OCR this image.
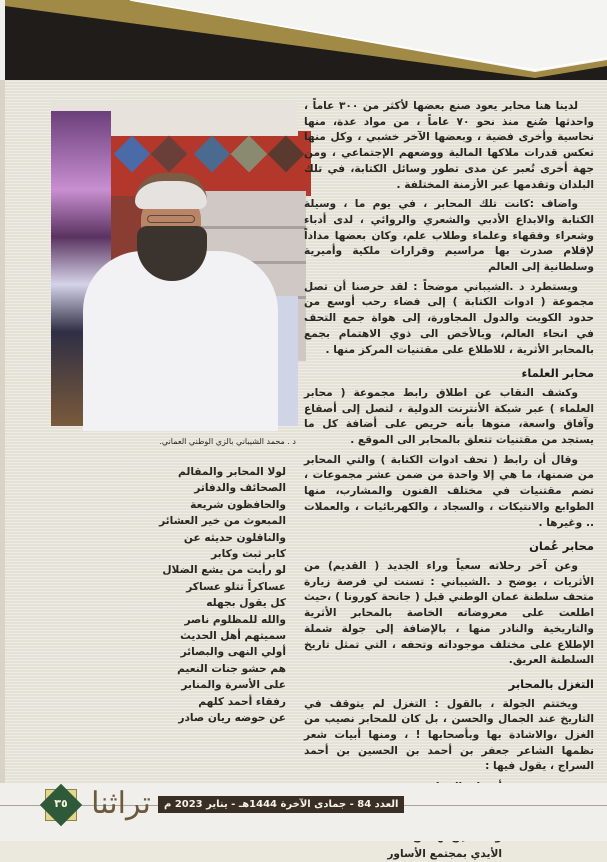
د . محمد الشيباني بالزي الوطني العماني.

لدينا هنا محابر يعود صنع بعضها لأكثر من ٣٠٠ عاماً ، واحدثها صُنع منذ نحو ٧٠ عاماً ، من مواد عدة، منها نحاسية وأخرى فضية ، وبعضها الآخر خشبي ، وكل منها تعكس قدرات ملاكها المالية ووضعهم الإجتماعي ، ومن جهة أخرى تُعبر عن مدى تطور وسائل الكتابة، في تلك البلدان وتقدمها عبر الأزمنة المختلفة .

واضاف :كانت تلك المحابر ، في يوم ما ، وسيلة الكتابة والابداع الأدبي والشعري والروائي ، لدى أدباء وشعراء وفقهاء وعلماء وطلاب علم، وكان بعضها مداداً لإقلام صدرت بها مراسيم وقرارات ملكية وأميرية وسلطانية إلى العالم

ويستطرد د .الشيباني موضحاً : لقد حرصنا أن تصل مجموعة ( ادوات الكتابة ) إلى فضاء رحب أوسع من حدود الكويت والدول المجاورة، إلى هواة جمع التحف في انحاء العالم، وبالأخص الى ذوي الاهتمام بجمع بالمحابر الأثرية ، للاطلاع على مقتنيات المركز منها .

محابر العلماء

وكشف النقاب عن اطلاق رابط مجموعة ( محابر العلماء ) عبر شبكة الأنترنت الدولية ، لتصل إلى أصقاع وآفاق واسعة، منوها بأنه حريص على أضافة كل ما يستجد من مقتنيات تتعلق بالمحابر الى الموقع .

وقال أن رابط ( تحف ادوات الكتابة ) والتي المحابر من ضمنها، ما هي إلا واحدة من ضمن عشر مجموعات ، تضم مقتنيات في مختلف الفنون والمشارب، منها الطوابع والانتيكات ، والسجاد ، والكهربائيات ، والعملات .. وغيرها .

محابر عُمان

وعن آخر رحلاته سعياً وراء الجديد ( القديم) من الأثريات ، يوضح د .الشيباني : تسنت لي فرصة زيارة متحف سلطنة عمان الوطني قبل ( جانحة كورونا ) ،حيث اطلعت على معروضاته الخاصة بالمحابر الأثرية والتاريخية والنادر منها ، بالإضافة إلى جولة شملة الإطلاع على مختلف موجوداته وتحفه ، التي تمثل تاريخ السلطنة العريق.

التغزل بالمحابر

ويختتم الجولة ، بالقول : التغزل لم يتوقف في التاريخ عند الجمال والحسن ، بل كان للمحابر نصيب من الغزل ،والاشادة بها وبأصحابها ! ، ومنها أبيات شعر نظمها الشاعر جعفر بن أحمد بن الحسين بن أحمد السراج ، يقول فيها :

الأيدي بمجتمع الأساور
لولا المحابر والمقالم
الصحائف والدفاتر
والحافظون شريعة
المبعوث من خير العشائر
والناقلون حديثه عن
كابر ثبت وكابر
لو رأيت من يشع الضلال
عساكراً تتلو عساكر
كل يقول بجهله
والله للمظلوم ناصر
سميتهم أهل الحديث
أولي النهى والبصائر
هم حشو جنات النعيم
على الأسرة والمنابر
رفقاء أحمد كلهم
عن حوضه ريان صادر
٣٥ تراثنا	العدد 84 - جمادى الآخرة 1444هـ - يناير 2023 م
